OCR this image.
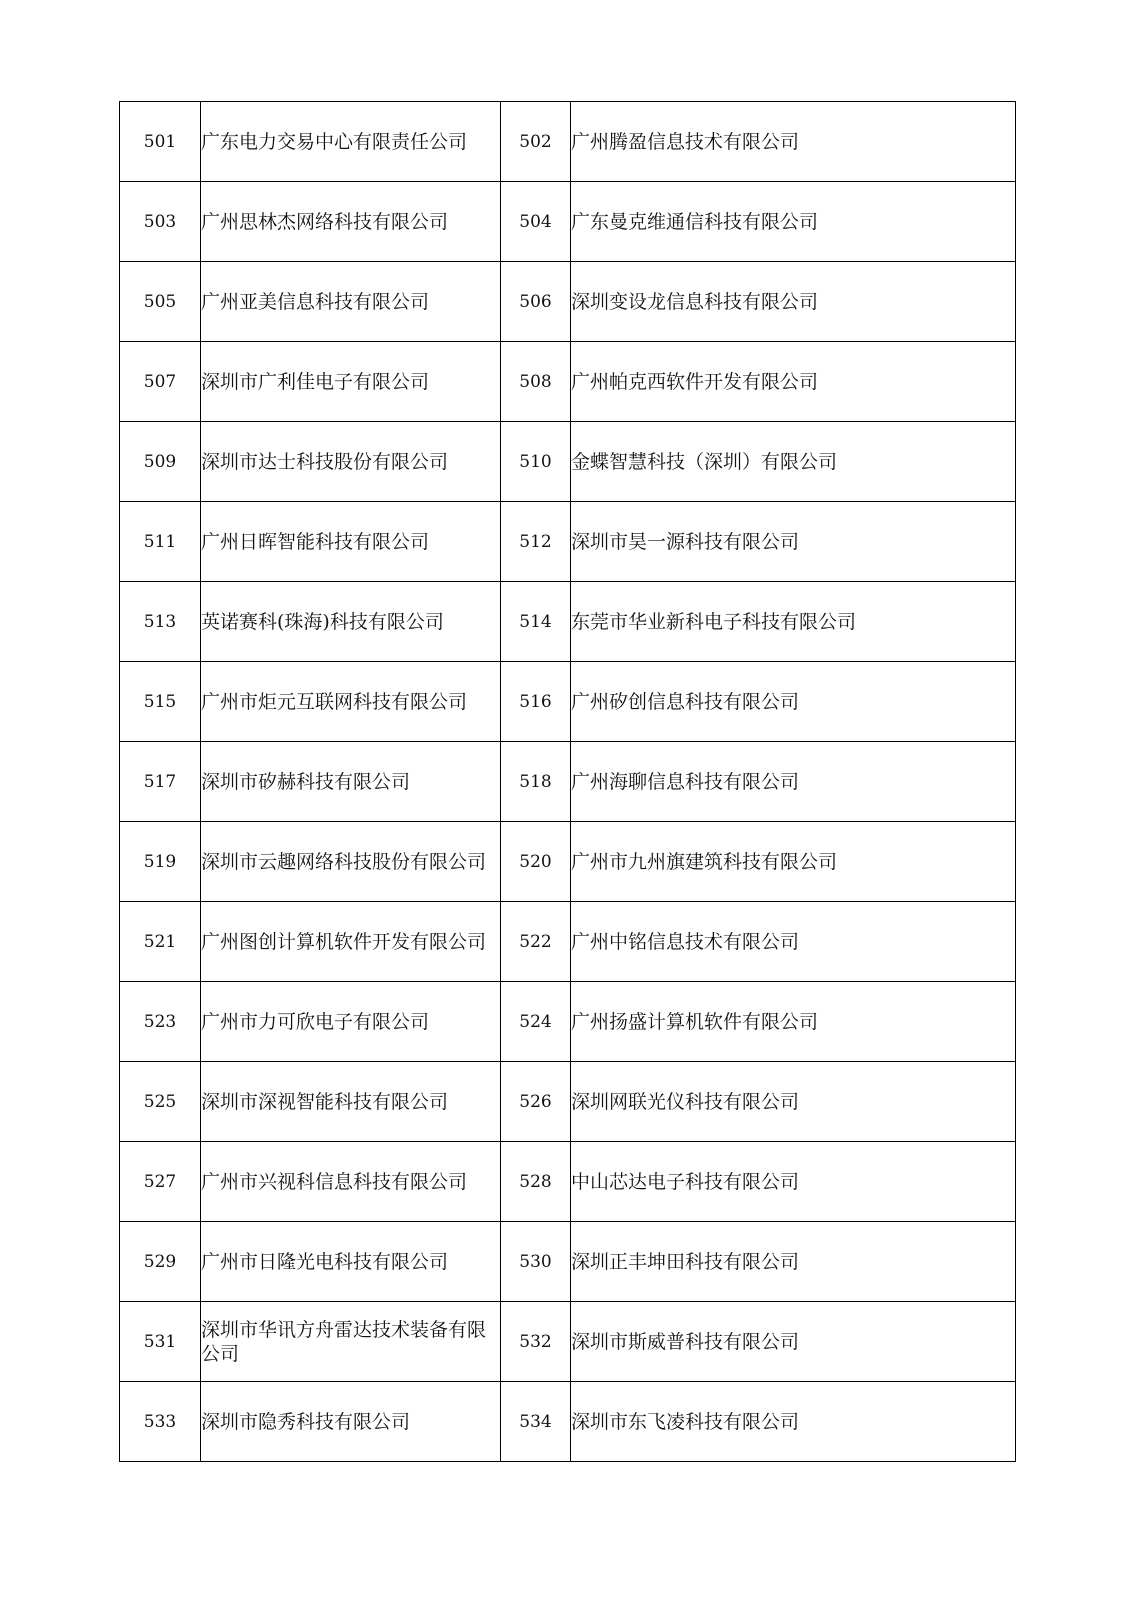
501	广东电力交易中心有限责任公司	502	广州腾盈信息技术有限公司
503	广州思林杰网络科技有限公司	504	广东曼克维通信科技有限公司
505	广州亚美信息科技有限公司	506	深圳变设龙信息科技有限公司
507	深圳市广利佳电子有限公司	508	广州帕克西软件开发有限公司
509	深圳市达士科技股份有限公司	510	金蝶智慧科技（深圳）有限公司
511	广州日晖智能科技有限公司	512	深圳市昊一源科技有限公司
513	英诺赛科(珠海)科技有限公司	514	东莞市华业新科电子科技有限公司
515	广州市炬元互联网科技有限公司	516	广州矽创信息科技有限公司
517	深圳市矽赫科技有限公司	518	广州海聊信息科技有限公司
519	深圳市云趣网络科技股份有限公司	520	广州市九州旗建筑科技有限公司
521	广州图创计算机软件开发有限公司	522	广州中铭信息技术有限公司
523	广州市力可欣电子有限公司	524	广州扬盛计算机软件有限公司
525	深圳市深视智能科技有限公司	526	深圳网联光仪科技有限公司
527	广州市兴视科信息科技有限公司	528	中山芯达电子科技有限公司
529	广州市日隆光电科技有限公司	530	深圳正丰坤田科技有限公司
531	深圳市华讯方舟雷达技术装备有限公司	532	深圳市斯威普科技有限公司
533	深圳市隐秀科技有限公司	534	深圳市东飞凌科技有限公司
